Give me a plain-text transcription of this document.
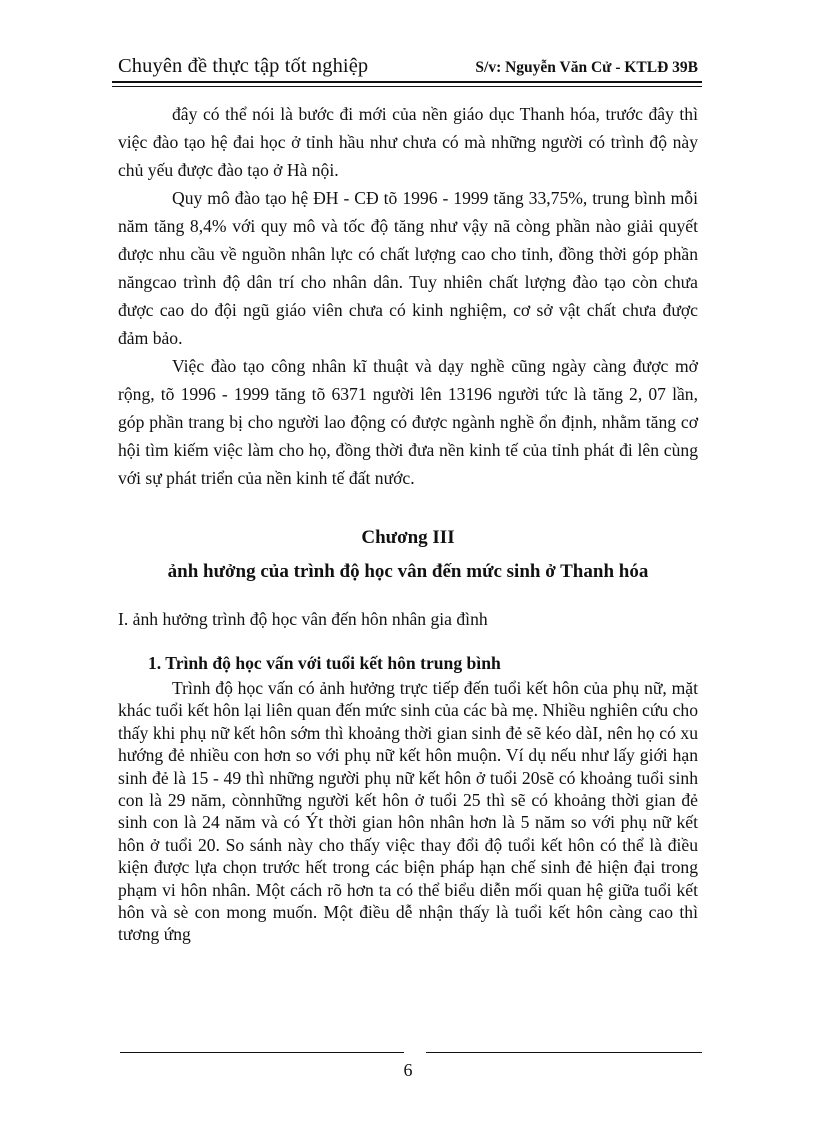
Chuyên đề thực tập tốt nghiệp	S/v: Nguyễn Văn Cử - KTLĐ 39B

đây có thể nói là bước đi mới của nền giáo dục Thanh hóa, trước đây thì việc đào tạo hệ đai học ở tỉnh hầu như chưa có mà những người có trình độ này chủ yếu được đào tạo ở Hà nội.

Quy mô đào tạo hệ ĐH - CĐ tõ 1996 - 1999 tăng 33,75%, trung bình mỗi năm tăng 8,4% với quy mô và tốc độ tăng như vậy nã còng phần nào giải quyết được nhu cầu về nguồn nhân lực có chất lượng cao cho tỉnh, đồng thời góp phần năngcao trình độ dân trí cho nhân dân. Tuy nhiên chất lượng đào tạo còn chưa được cao do đội ngũ giáo viên chưa có kinh nghiệm, cơ sở vật chất chưa được đảm bảo.

Việc đào tạo công nhân kĩ thuật và dạy nghề cũng ngày càng được mở rộng, tõ 1996 - 1999 tăng tõ 6371 người lên 13196 người tức là tăng 2, 07 lần, góp phần trang bị cho người lao động có được ngành nghề ổn định, nhằm tăng cơ hội tìm kiếm việc làm cho họ, đồng thời đưa nền kinh tế của tỉnh phát đi lên cùng với sự phát triển của nền kinh tế đất nước.

Chương III
ảnh hưởng của trình độ học vân đến mức sinh ở Thanh hóa
I. ảnh hưởng trình độ học vân đến hôn nhân gia đình
1. Trình độ học vấn với tuổi kết hôn trung bình

Trình độ học vấn có ảnh hưởng trực tiếp đến tuổi kết hôn của phụ nữ, mặt khác tuổi kết hôn lại liên quan đến mức sinh của các bà mẹ. Nhiều nghiên cứu cho thấy khi phụ nữ kết hôn sớm thì khoảng thời gian sinh đẻ sẽ kéo dàI, nên họ có xu hướng đẻ nhiều con hơn so với phụ nữ kết hôn muộn. Ví dụ nếu như lấy giới hạn sinh đẻ là 15 - 49 thì những người phụ nữ kết hôn ở tuổi 20sẽ có khoảng tuổi sinh con là 29 năm, cònnhững người kết hôn ở tuổi 25 thì sẽ có khoảng thời gian đẻ sinh con là 24 năm và có Ýt thời gian hôn nhân hơn là 5 năm so với phụ nữ kết hôn ở tuổi 20. So sánh này cho thấy việc thay đổi độ tuổi kết hôn có thể là điều kiện được lựa chọn trước hết trong các biện pháp hạn chế sinh đẻ hiện đại trong phạm vi hôn nhân. Một cách rõ hơn ta có thể biểu diễn mối quan hệ giữa tuổi kết hôn và sè con mong muốn. Một điều dễ nhận thấy là tuổi kết hôn càng cao thì tương ứng

6
